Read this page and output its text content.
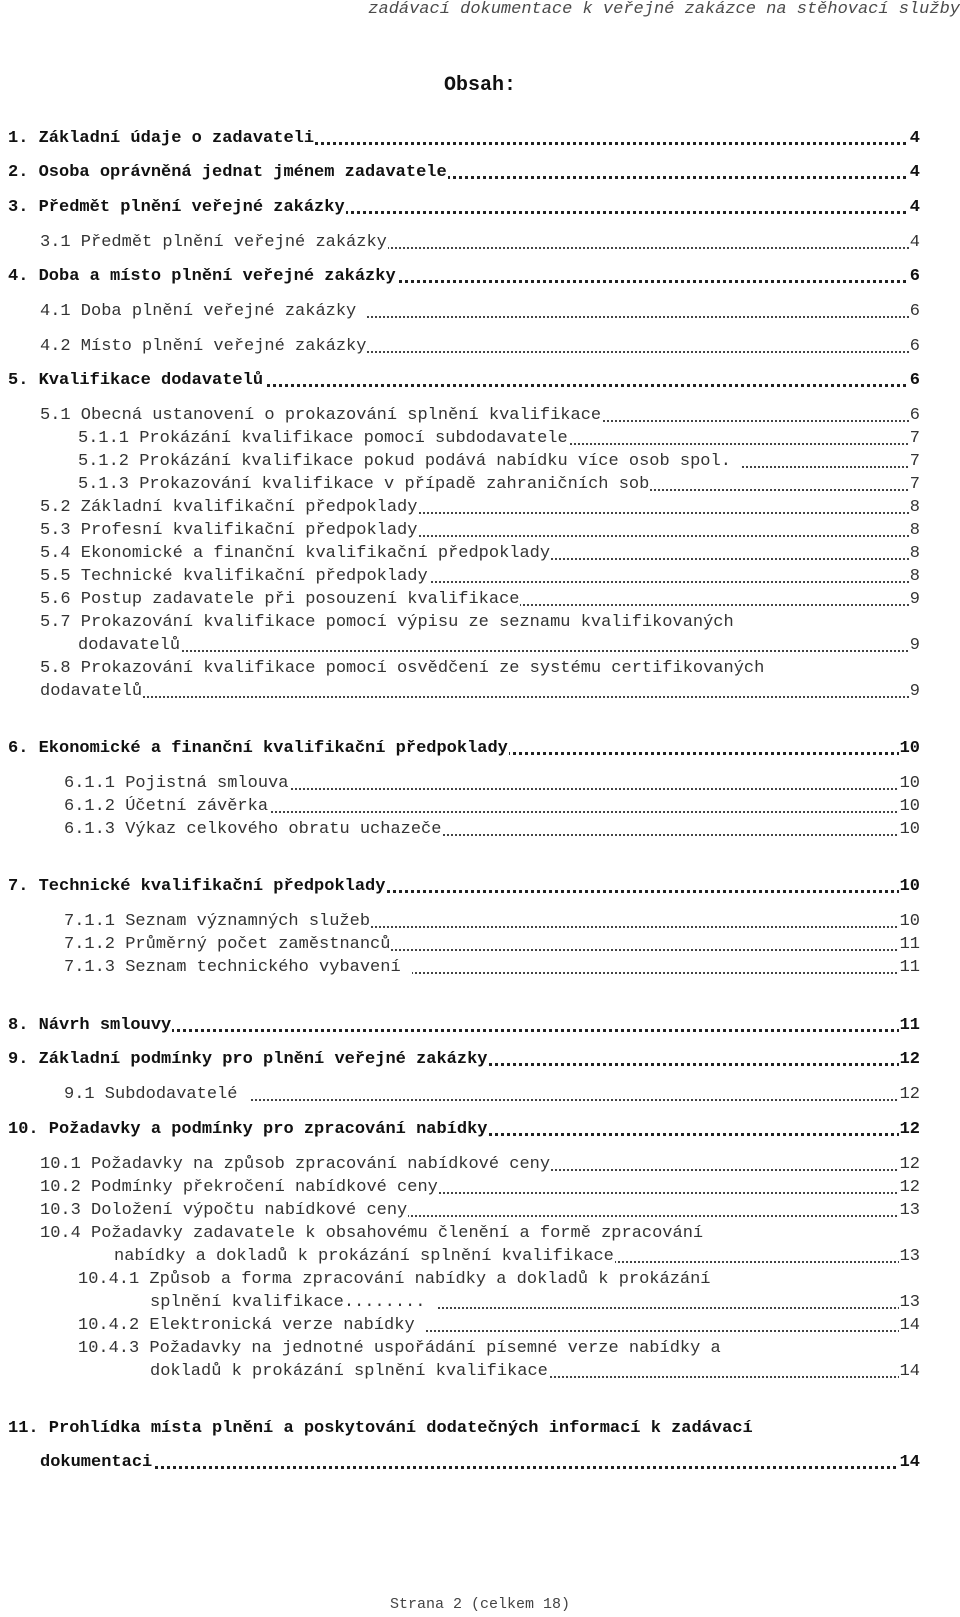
zadávací dokumentace k veřejné zakázce na stěhovací služby
Obsah:
1. Základní údaje o zadavateli	4
2. Osoba oprávněná jednat jménem zadavatele	4
3. Předmět plnění veřejné zakázky	4
3.1 Předmět plnění veřejné zakázky	4
4. Doba a místo plnění veřejné zakázky	6
4.1 Doba plnění veřejné zakázky	6
4.2 Místo plnění veřejné zakázky	6
5. Kvalifikace dodavatelů	6
5.1 Obecná ustanovení o prokazování splnění kvalifikace	6
5.1.1 Prokázání kvalifikace pomocí subdodavatele	7
5.1.2 Prokázání kvalifikace pokud podává nabídku více osob spol.	7
5.1.3 Prokazování kvalifikace v případě zahraničních sob	7
5.2 Základní kvalifikační předpoklady	8
5.3 Profesní kvalifikační předpoklady	8
5.4 Ekonomické a finanční kvalifikační předpoklady	8
5.5 Technické kvalifikační předpoklady	8
5.6 Postup zadavatele při posouzení kvalifikace	9
5.7 Prokazování kvalifikace pomocí výpisu ze seznamu kvalifikovaných
dodavatelů	9
5.8 Prokazování kvalifikace pomocí osvědčení ze systému certifikovaných
dodavatelů	9
6. Ekonomické a finanční kvalifikační předpoklady	10
6.1.1 Pojistná smlouva	10
6.1.2 Účetní závěrka	10
6.1.3 Výkaz celkového obratu uchazeče	10
7. Technické kvalifikační předpoklady	10
7.1.1 Seznam významných služeb	10
7.1.2 Průměrný počet zaměstnanců	11
7.1.3 Seznam technického vybavení	11
8. Návrh smlouvy	11
9. Základní podmínky pro plnění veřejné zakázky	12
9.1 Subdodavatelé	12
10. Požadavky a podmínky pro zpracování nabídky	12
10.1 Požadavky na způsob zpracování nabídkové ceny	12
10.2 Podmínky překročení nabídkové ceny	12
10.3 Doložení výpočtu nabídkové ceny	13
10.4 Požadavky zadavatele k obsahovému členění a formě zpracování
nabídky a dokladů k prokázání splnění kvalifikace	13
10.4.1 Způsob a forma zpracování nabídky a dokladů k prokázání
splnění kvalifikace........	13
10.4.2 Elektronická verze nabídky	14
10.4.3 Požadavky na jednotné uspořádání písemné verze nabídky a
dokladů k prokázání splnění kvalifikace	14
11. Prohlídka místa plnění a poskytování dodatečných informací k zadávací
dokumentaci	14
Strana 2 (celkem 18)
